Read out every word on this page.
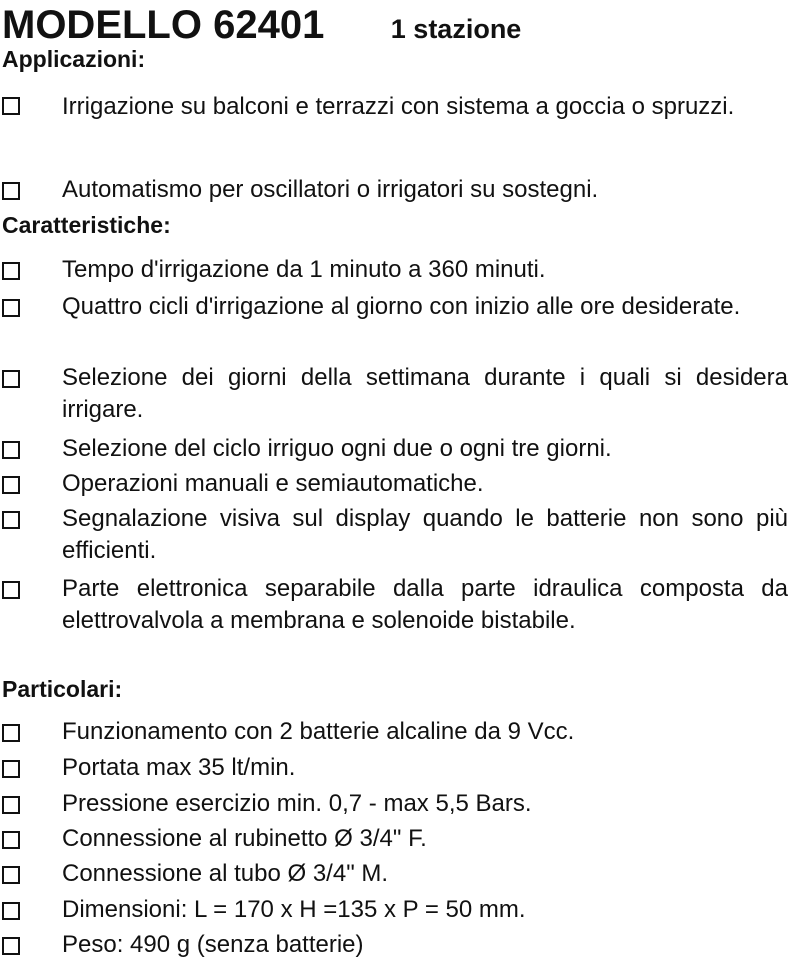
MODELLO 62401 1 stazione
Applicazioni:
Irrigazione su balconi e terrazzi con sistema a goccia o spruzzi.
Automatismo per oscillatori o irrigatori su sostegni.
Caratteristiche:
Tempo d'irrigazione da 1 minuto a 360 minuti.
Quattro cicli d'irrigazione al giorno con inizio alle ore desiderate.
Selezione dei giorni della settimana durante i quali si desidera irrigare.
Selezione del ciclo irriguo ogni due o ogni tre giorni.
Operazioni manuali e semiautomatiche.
Segnalazione visiva sul display quando le batterie non sono più efficienti.
Parte elettronica separabile dalla parte idraulica composta da elettrovalvola a membrana e solenoide bistabile.
Particolari:
Funzionamento con 2 batterie alcaline da 9 Vcc.
Portata max 35 lt/min.
Pressione esercizio min. 0,7 - max 5,5 Bars.
Connessione al rubinetto Ø 3/4" F.
Connessione al tubo Ø 3/4" M.
Dimensioni: L = 170 x H =135 x P = 50 mm.
Peso: 490 g (senza batterie)
